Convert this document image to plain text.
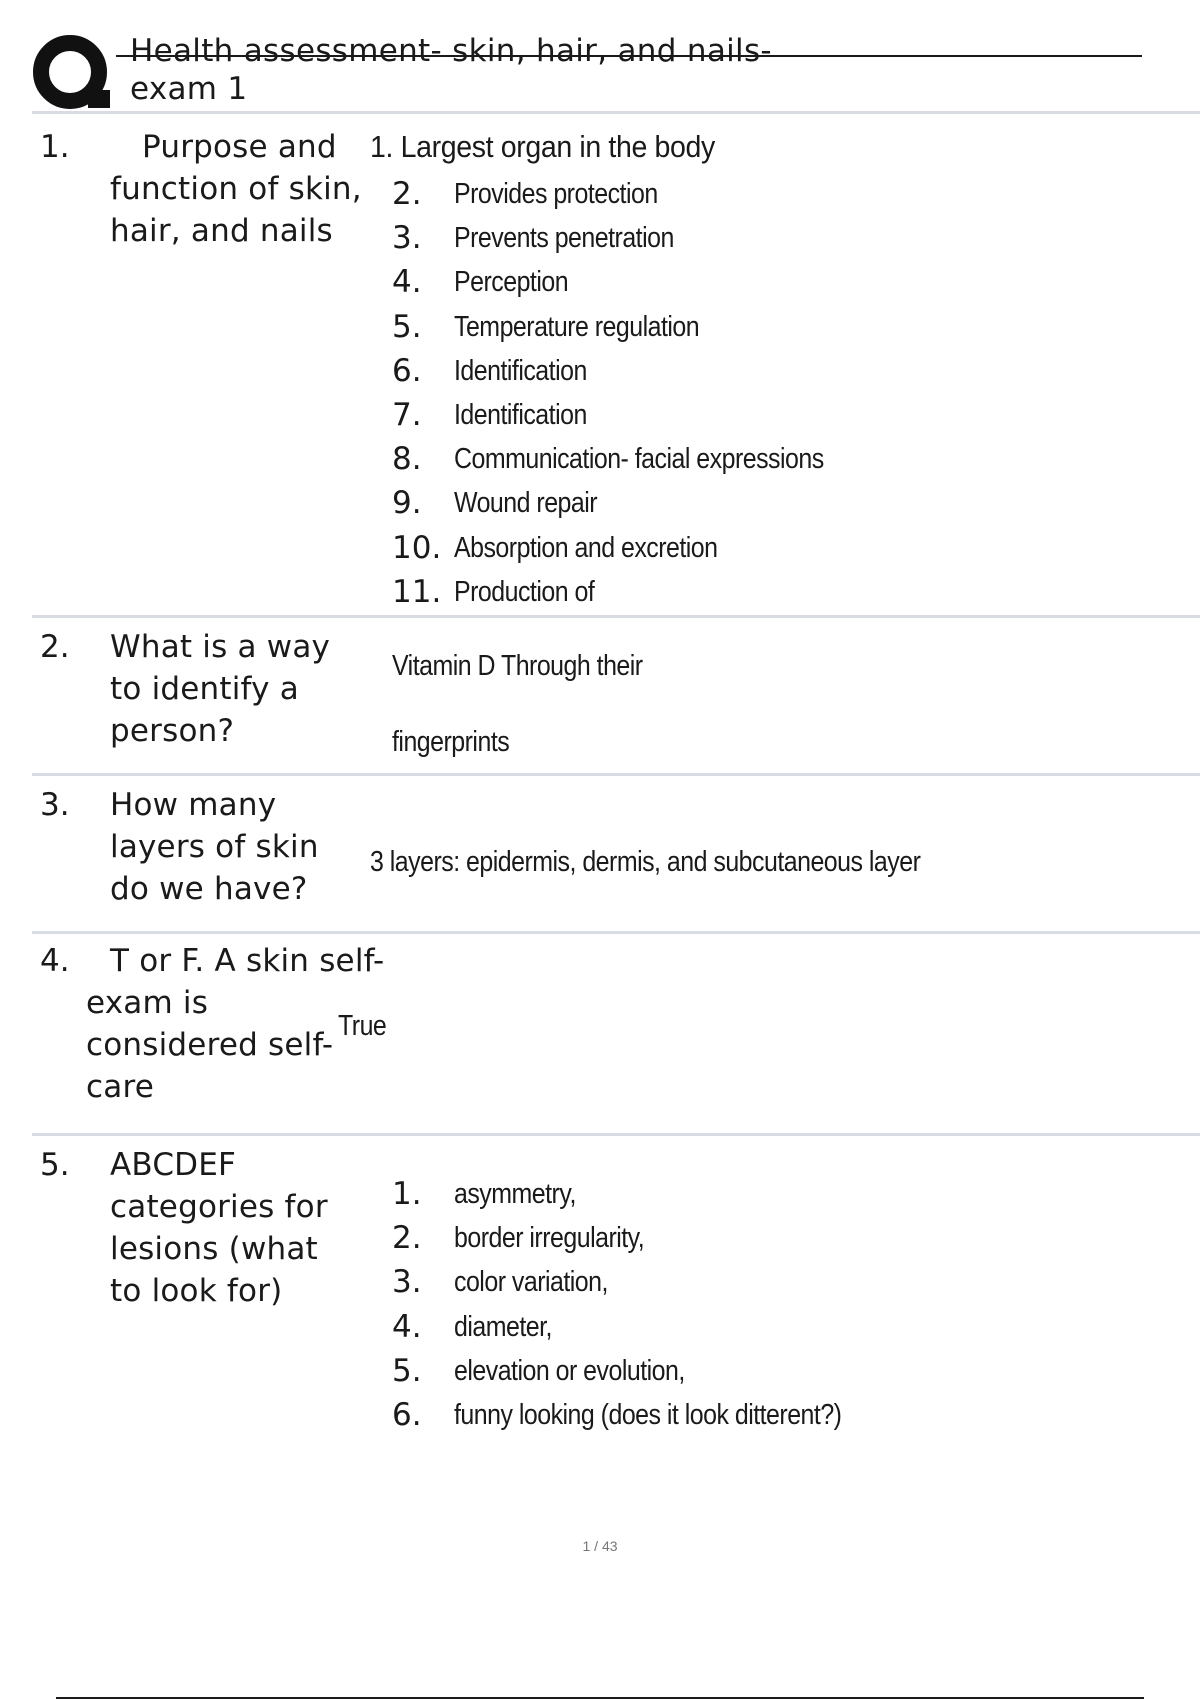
Health assessment- skin, hair, and nails-
exam 1
1.	Purpose and function of skin, hair, and nails
1. Largest organ in the body
2. Provides protection
3. Prevents penetration
4. Perception
5. Temperature regulation
6. Identification
7. Identification
8. Communication- facial expressions
9. Wound repair
10. Absorption and excretion
11. Production of
2. What is a way to identify a person?
Vitamin D Through their
fingerprints
3. How many layers of skin do we have?
3 layers: epidermis, dermis, and subcutaneous layer
4.	T or F. A skin self-exam is considered self-care
True
5. ABCDEF categories for lesions (what to look for)
1. asymmetry,
2. border irregularity,
3. color variation,
4. diameter,
5. elevation or evolution,
6. funny looking (does it look ditterent?)
1 / 43
